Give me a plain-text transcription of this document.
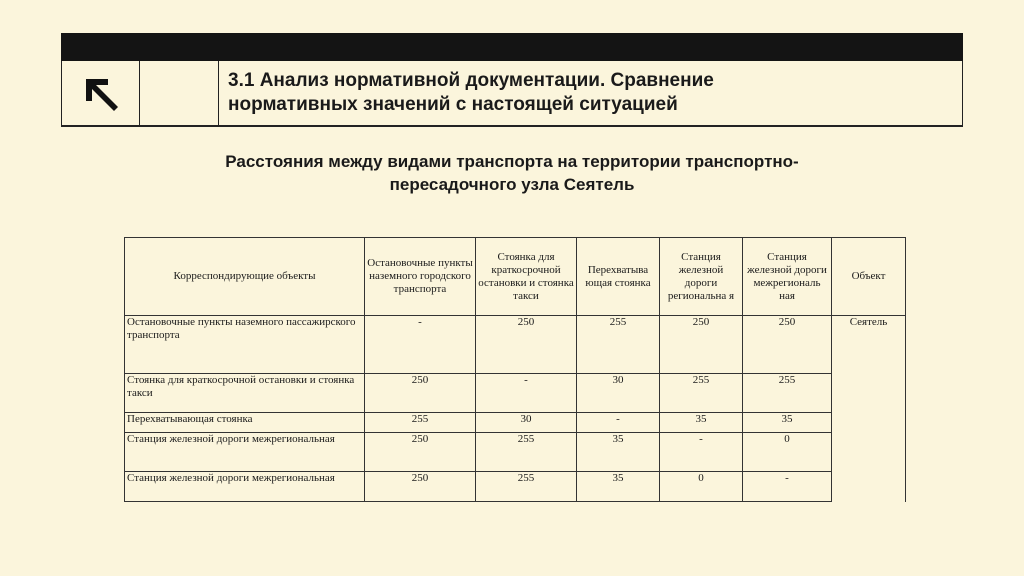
3.1 Анализ нормативной документации. Сравнение
нормативных значений с настоящей ситуацией
Расстояния между видами транспорта на территории транспортно-
пересадочного узла Сеятель
Корреспондирующие объекты	Остановочные пункты наземного городского транспорта	Стоянка для краткосрочной остановки и стоянка такси	Перехватыва ющая стоянка	Станция железной дороги региональна я	Станция железной дороги межрегиональ ная	Объект
Остановочные пункты наземного пассажирского транспорта	-	250	255	250	250	Сеятель
Стоянка для краткосрочной остановки и стоянка такси	250	-	30	255	255	
Перехватывающая стоянка	255	30	-	35	35	
Станция железной дороги межрегиональная	250	255	35	-	0	
Станция железной дороги межрегиональная	250	255	35	0	-	
